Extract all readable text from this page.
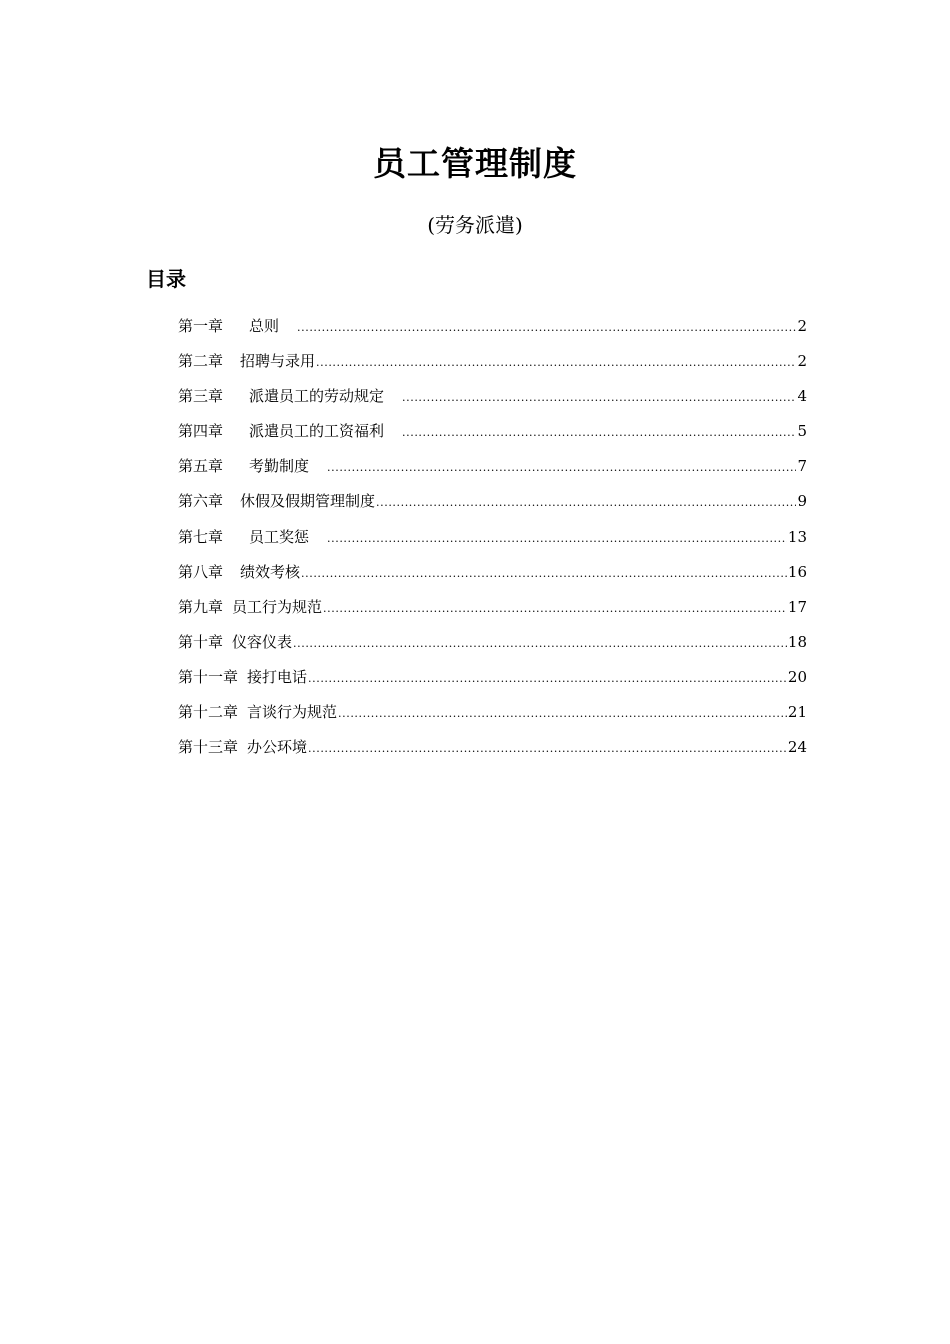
员工管理制度

(劳务派遣)

目录
第一章 总则 .....	2
第二章 招聘与录用 .....	2
第三章 派遣员工的劳动规定 .....	4
第四章 派遣员工的工资福利 .....	5
第五章 考勤制度 .....	7
第六章 休假及假期管理制度 .....	9
第七章 员工奖惩 .....	13
第八章 绩效考核 .....	16
第九章 员工行为规范 .....	17
第十章 仪容仪表 .....	18
第十一章 接打电话 .....	20
第十二章 言谈行为规范 .....	21
第十三章 办公环境 .....	24
